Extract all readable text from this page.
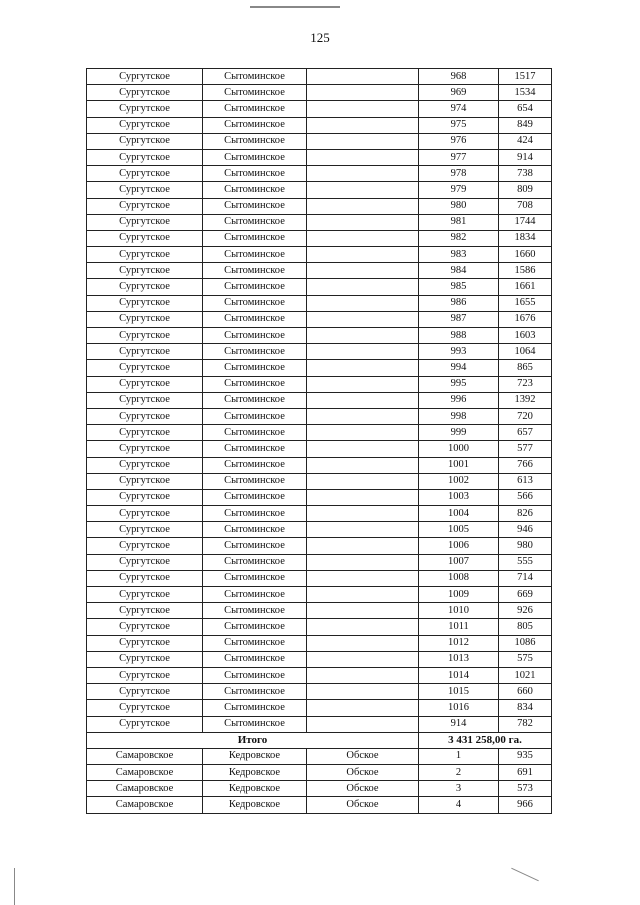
125
Сургутское	Сытоминское		968	1517
Сургутское	Сытоминское		969	1534
Сургутское	Сытоминское		974	654
Сургутское	Сытоминское		975	849
Сургутское	Сытоминское		976	424
Сургутское	Сытоминское		977	914
Сургутское	Сытоминское		978	738
Сургутское	Сытоминское		979	809
Сургутское	Сытоминское		980	708
Сургутское	Сытоминское		981	1744
Сургутское	Сытоминское		982	1834
Сургутское	Сытоминское		983	1660
Сургутское	Сытоминское		984	1586
Сургутское	Сытоминское		985	1661
Сургутское	Сытоминское		986	1655
Сургутское	Сытоминское		987	1676
Сургутское	Сытоминское		988	1603
Сургутское	Сытоминское		993	1064
Сургутское	Сытоминское		994	865
Сургутское	Сытоминское		995	723
Сургутское	Сытоминское		996	1392
Сургутское	Сытоминское		998	720
Сургутское	Сытоминское		999	657
Сургутское	Сытоминское		1000	577
Сургутское	Сытоминское		1001	766
Сургутское	Сытоминское		1002	613
Сургутское	Сытоминское		1003	566
Сургутское	Сытоминское		1004	826
Сургутское	Сытоминское		1005	946
Сургутское	Сытоминское		1006	980
Сургутское	Сытоминское		1007	555
Сургутское	Сытоминское		1008	714
Сургутское	Сытоминское		1009	669
Сургутское	Сытоминское		1010	926
Сургутское	Сытоминское		1011	805
Сургутское	Сытоминское		1012	1086
Сургутское	Сытоминское		1013	575
Сургутское	Сытоминское		1014	1021
Сургутское	Сытоминское		1015	660
Сургутское	Сытоминское		1016	834
Сургутское	Сытоминское		914	782
Итого			3 431 258,00 га.	
Самаровское	Кедровское	Обское	1	935
Самаровское	Кедровское	Обское	2	691
Самаровское	Кедровское	Обское	3	573
Самаровское	Кедровское	Обское	4	966
